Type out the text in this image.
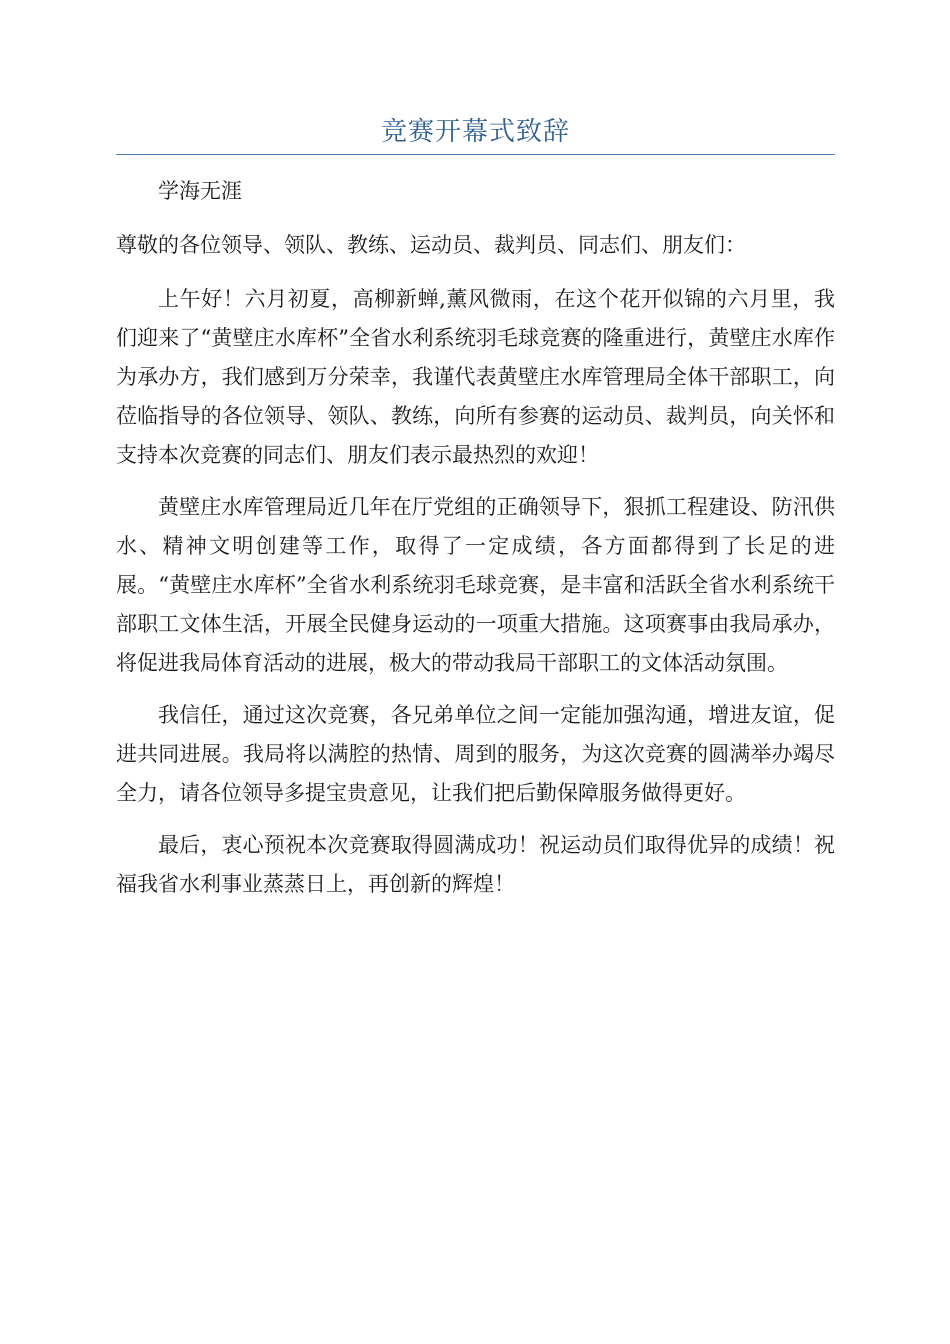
竞赛开幕式致辞

学海无涯

尊敬的各位领导、领队、教练、运动员、裁判员、同志们、朋友们：

上午好！六月初夏，高柳新蝉,薰风微雨，在这个花开似锦的六月里，我们迎来了“黄壁庄水库杯”全省水利系统羽毛球竞赛的隆重进行，黄壁庄水库作为承办方，我们感到万分荣幸，我谨代表黄壁庄水库管理局全体干部职工，向莅临指导的各位领导、领队、教练，向所有参赛的运动员、裁判员，向关怀和支持本次竞赛的同志们、朋友们表示最热烈的欢迎！

黄壁庄水库管理局近几年在厅党组的正确领导下，狠抓工程建设、防汛供水、精神文明创建等工作，取得了一定成绩，各方面都得到了长足的进展。“黄壁庄水库杯”全省水利系统羽毛球竞赛，是丰富和活跃全省水利系统干部职工文体生活，开展全民健身运动的一项重大措施。这项赛事由我局承办，将促进我局体育活动的进展，极大的带动我局干部职工的文体活动氛围。

我信任，通过这次竞赛，各兄弟单位之间一定能加强沟通，增进友谊，促进共同进展。我局将以满腔的热情、周到的服务，为这次竞赛的圆满举办竭尽全力，请各位领导多提宝贵意见，让我们把后勤保障服务做得更好。

最后，衷心预祝本次竞赛取得圆满成功！祝运动员们取得优异的成绩！祝福我省水利事业蒸蒸日上，再创新的辉煌！
